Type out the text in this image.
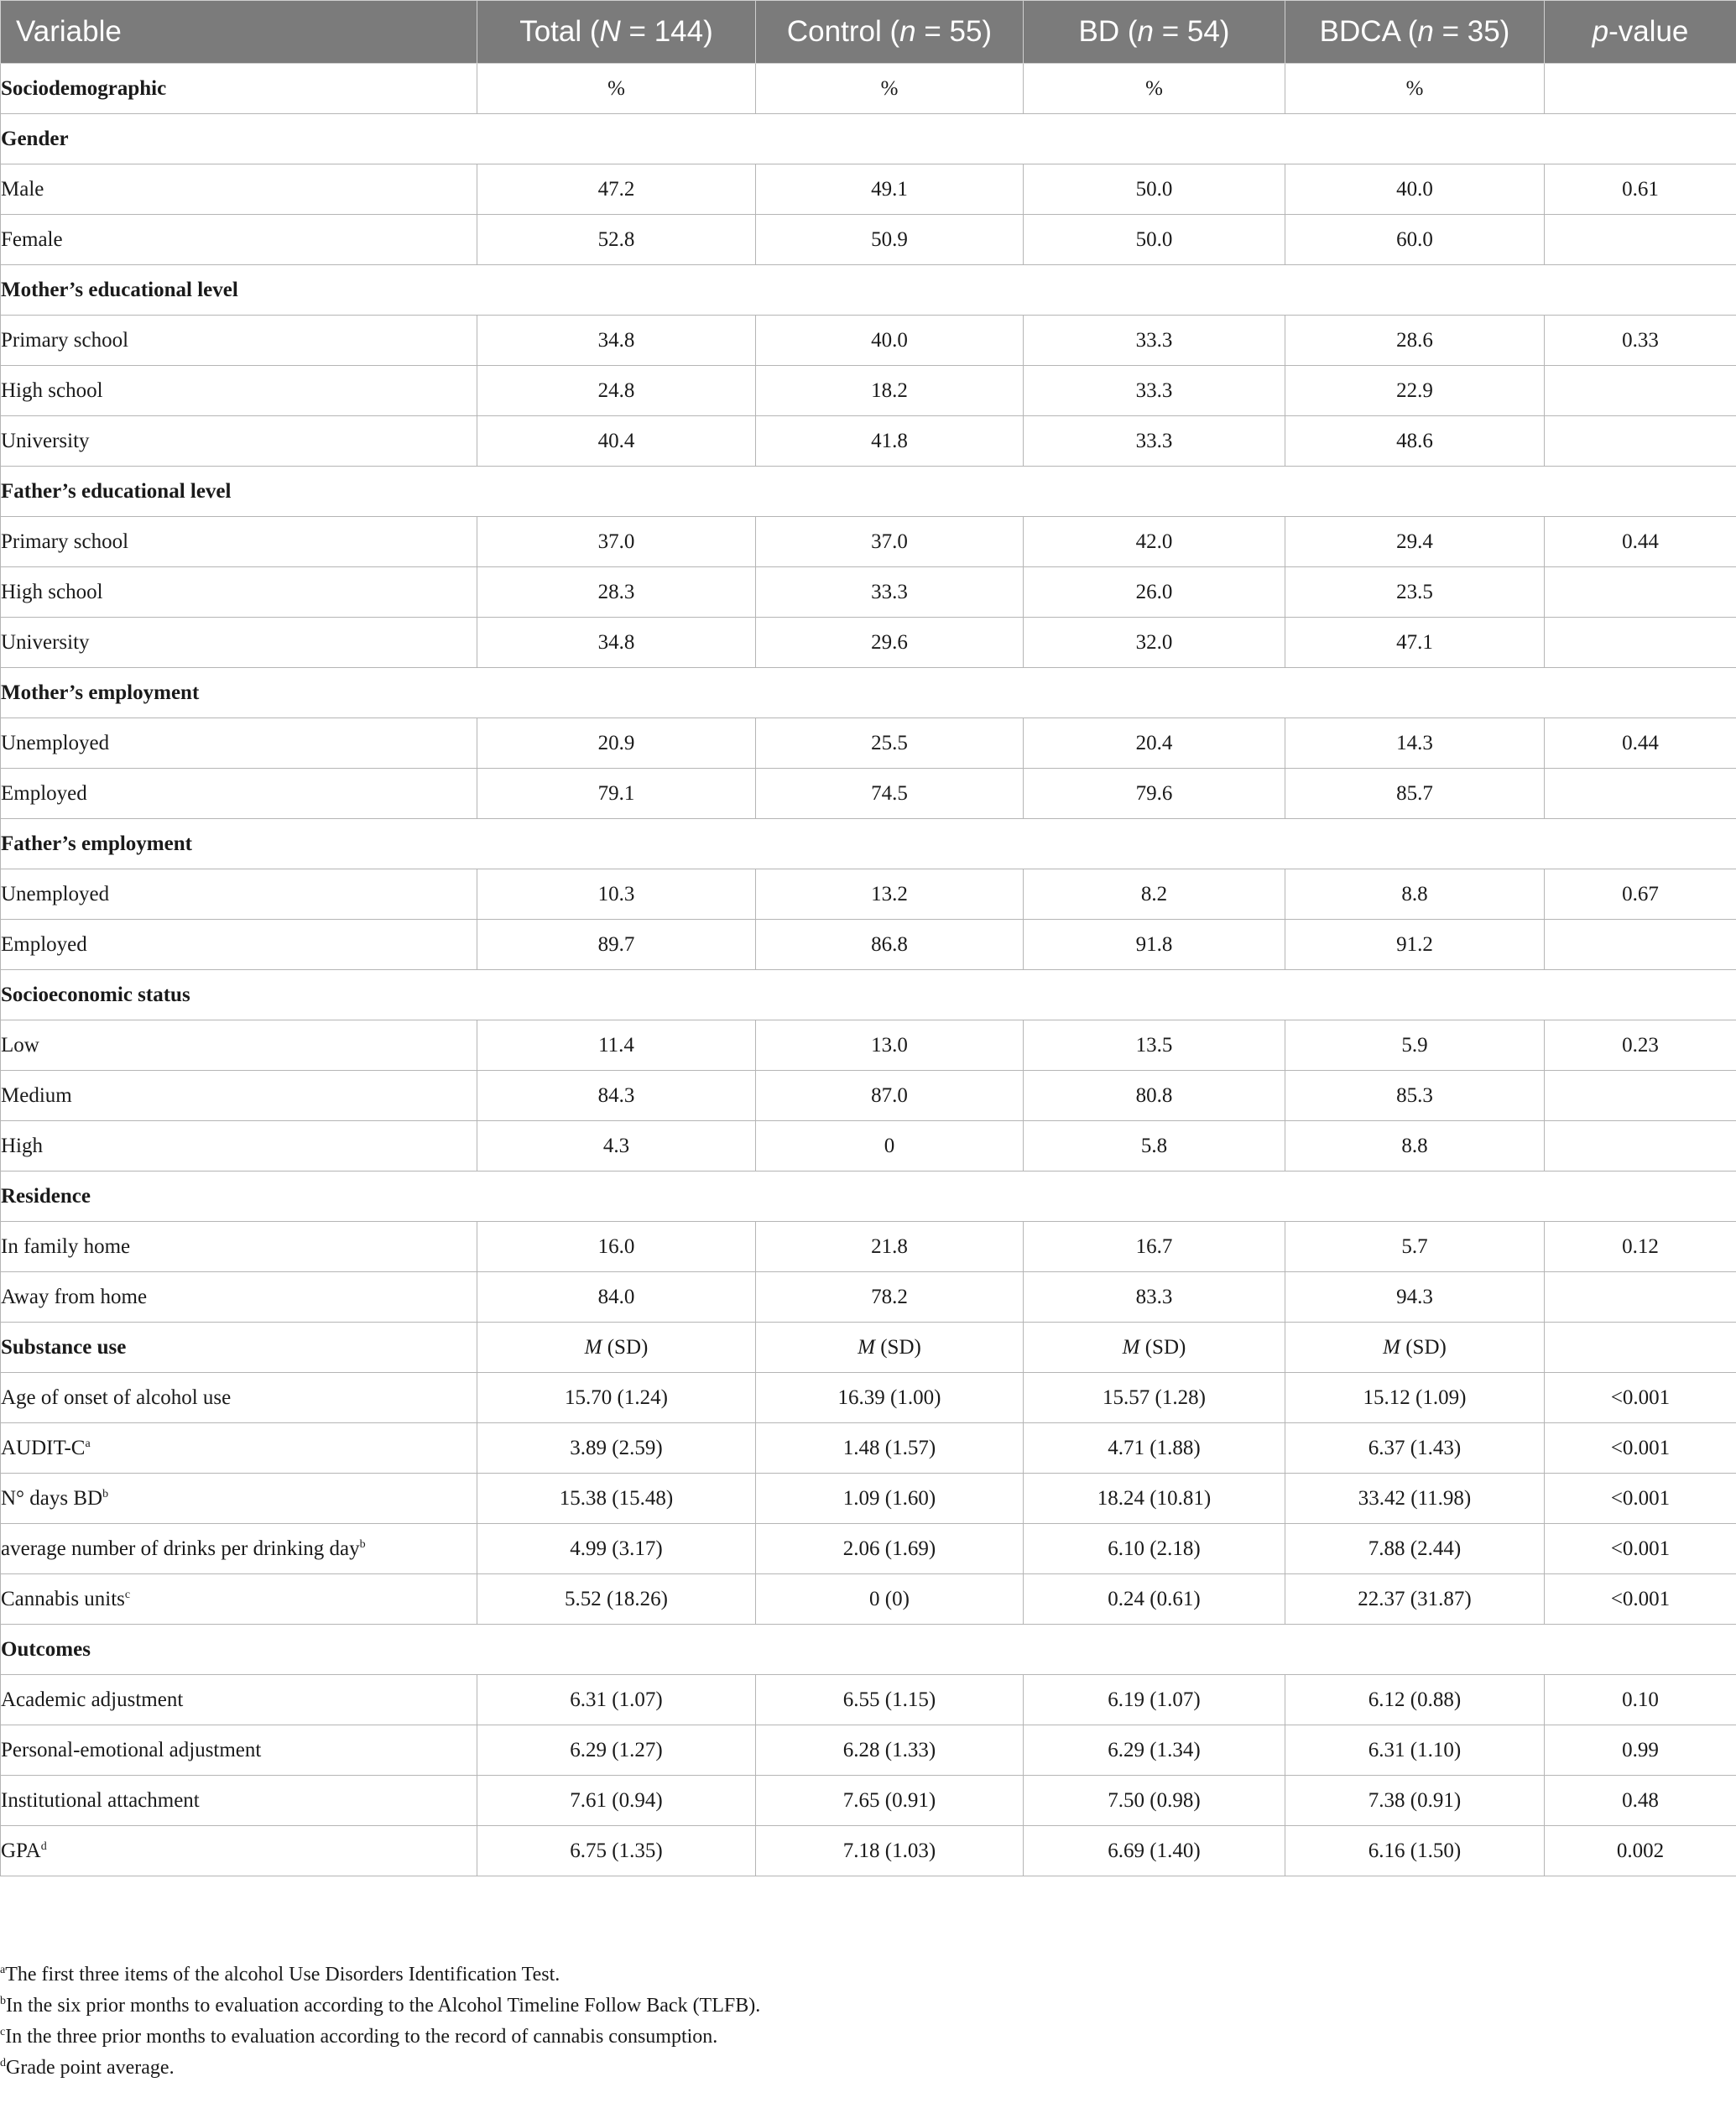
Variable	Total (N = 144)	Control (n = 55)	BD (n = 54)	BDCA (n = 35)	p-value
Sociodemographic	%	%	%	%	
Gender					
Male	47.2	49.1	50.0	40.0	0.61
Female	52.8	50.9	50.0	60.0	
Mother’s educational level					
Primary school	34.8	40.0	33.3	28.6	0.33
High school	24.8	18.2	33.3	22.9	
University	40.4	41.8	33.3	48.6	
Father’s educational level					
Primary school	37.0	37.0	42.0	29.4	0.44
High school	28.3	33.3	26.0	23.5	
University	34.8	29.6	32.0	47.1	
Mother’s employment					
Unemployed	20.9	25.5	20.4	14.3	0.44
Employed	79.1	74.5	79.6	85.7	
Father’s employment					
Unemployed	10.3	13.2	8.2	8.8	0.67
Employed	89.7	86.8	91.8	91.2	
Socioeconomic status					
Low	11.4	13.0	13.5	5.9	0.23
Medium	84.3	87.0	80.8	85.3	
High	4.3	0	5.8	8.8	
Residence					
In family home	16.0	21.8	16.7	5.7	0.12
Away from home	84.0	78.2	83.3	94.3	
Substance use	M (SD)	M (SD)	M (SD)	M (SD)	
Age of onset of alcohol use	15.70 (1.24)	16.39 (1.00)	15.57 (1.28)	15.12 (1.09)	<0.001
AUDIT-$C^a$	3.89 (2.59)	1.48 (1.57)	4.71 (1.88)	6.37 (1.43)	<0.001
N° days $BD^b$	15.38 (15.48)	1.09 (1.60)	18.24 (10.81)	33.42 (11.98)	<0.001
average number of drinks per drinking day$^b$	4.99 (3.17)	2.06 (1.69)	6.10 (2.18)	7.88 (2.44)	<0.001
Cannabis units$^c$	5.52 (18.26)	0 (0)	0.24 (0.61)	22.37 (31.87)	<0.001
Outcomes					
Academic adjustment	6.31 (1.07)	6.55 (1.15)	6.19 (1.07)	6.12 (0.88)	0.10
Personal-emotional adjustment	6.29 (1.27)	6.28 (1.33)	6.29 (1.34)	6.31 (1.10)	0.99
Institutional attachment	7.61 (0.94)	7.65 (0.91)	7.50 (0.98)	7.38 (0.91)	0.48
GPA$^d$	6.75 (1.35)	7.18 (1.03)	6.69 (1.40)	6.16 (1.50)	0.002
$^a$The first three items of the alcohol Use Disorders Identification Test.
$^b$In the six prior months to evaluation according to the Alcohol Timeline Follow Back (TLFB).
$^c$In the three prior months to evaluation according to the record of cannabis consumption.
$^d$Grade point average.
